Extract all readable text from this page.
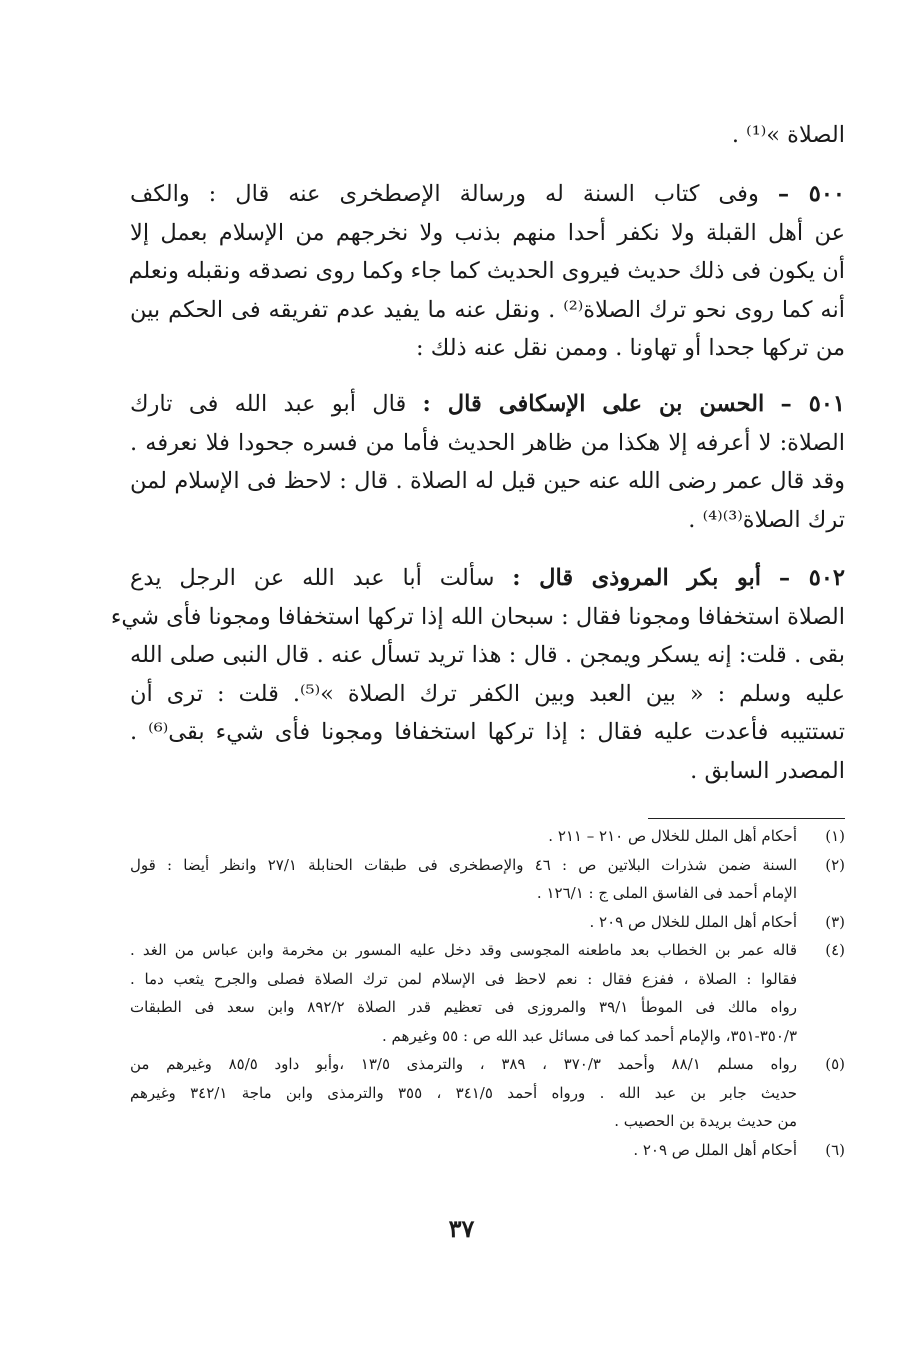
الصلاة »⁽¹⁾ .
٥٠٠ – وفى كتاب السنة له ورسالة الإصطخرى عنه قال : والكف
عن أهل القبلة ولا نكفر أحدا منهم بذنب ولا نخرجهم من الإسلام بعمل إلا
أن يكون فى ذلك حديث فيروى الحديث كما جاء وكما روى نصدقه ونقبله ونعلم
أنه كما روى نحو ترك الصلاة⁽²⁾ . ونقل عنه ما يفيد عدم تفريقه فى الحكم بين
من تركها جحدا أو تهاونا . وممن نقل عنه ذلك :
٥٠١ – الحسن بن على الإسكافى قال : قال أبو عبد الله فى تارك
الصلاة: لا أعرفه إلا هكذا من ظاهر الحديث فأما من فسره جحودا فلا نعرفه .
وقد قال عمر رضى الله عنه حين قيل له الصلاة . قال : لاحظ فى الإسلام لمن
ترك الصلاة⁽³⁾⁽⁴⁾ .
٥٠٢ – أبو بكر المروذى قال : سألت أبا عبد الله عن الرجل يدع
الصلاة استخفافا ومجونا فقال : سبحان الله إذا تركها استخفافا ومجونا فأى شيء
بقى . قلت: إنه يسكر ويمجن . قال : هذا تريد تسأل عنه . قال النبى صلى الله
عليه وسلم : « بين العبد وبين الكفر ترك الصلاة »⁽⁵⁾. قلت : ترى أن
تستتيبه فأعدت عليه فقال : إذا تركها استخفافا ومجونا فأى شيء بقى⁽⁶⁾ .
المصدر السابق .
(١)
أحكام أهل الملل للخلال ص ٢١٠ – ٢١١ .
(٢)
السنة ضمن شذرات البلاتين ص : ٤٦ والإصطخرى فى طبقات الحنابلة ٢٧/١ وانظر أيضا : قول
الإمام أحمد فى الفاسق الملى ج : ١٢٦/١ .
(٣)
أحكام أهل الملل للخلال ص ٢٠٩ .
(٤)
قاله عمر بن الخطاب بعد ماطعنه المجوسى وقد دخل عليه المسور بن مخرمة وابن عباس من الغد .
فقالوا : الصلاة ، ففزع فقال : نعم لاحظ فى الإسلام لمن ترك الصلاة فصلى والجرح يثعب دما .
رواه مالك فى الموطأ ٣٩/١ والمروزى فى تعظيم قدر الصلاة ٨٩٢/٢ وابن سعد فى الطبقات
٣٥٠/٣-٣٥١، والإمام أحمد كما فى مسائل عبد الله ص : ٥٥ وغيرهم .
(٥)
رواه مسلم ٨٨/١ وأحمد ٣٧٠/٣ ، ٣٨٩ ، والترمذى ١٣/٥ ،وأبو داود ٨٥/٥ وغيرهم من
حديث جابر بن عبد الله . ورواه أحمد ٣٤١/٥ ، ٣٥٥ والترمذى وابن ماجة ٣٤٢/١ وغيرهم
من حديث بريدة بن الحصيب .
(٦)
أحكام أهل الملل ص ٢٠٩ .
٣٧
